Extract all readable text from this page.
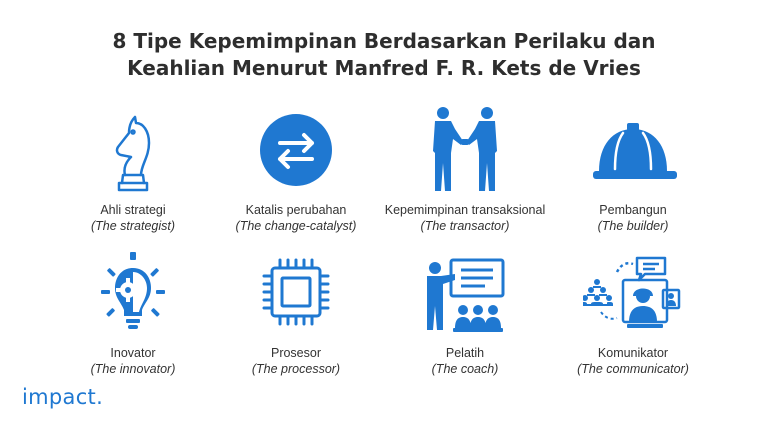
8 Tipe Kepemimpinan Berdasarkan Perilaku dan
Keahlian Menurut Manfred F. R. Kets de Vries
Ahli strategi
(The strategist)
Katalis perubahan
(The change-catalyst)
Kepemimpinan transaksional
(The transactor)
Pembangun
(The builder)
Inovator
(The innovator)
Prosesor
(The processor)
Pelatih
(The coach)
Komunikator
(The communicator)
impact.
